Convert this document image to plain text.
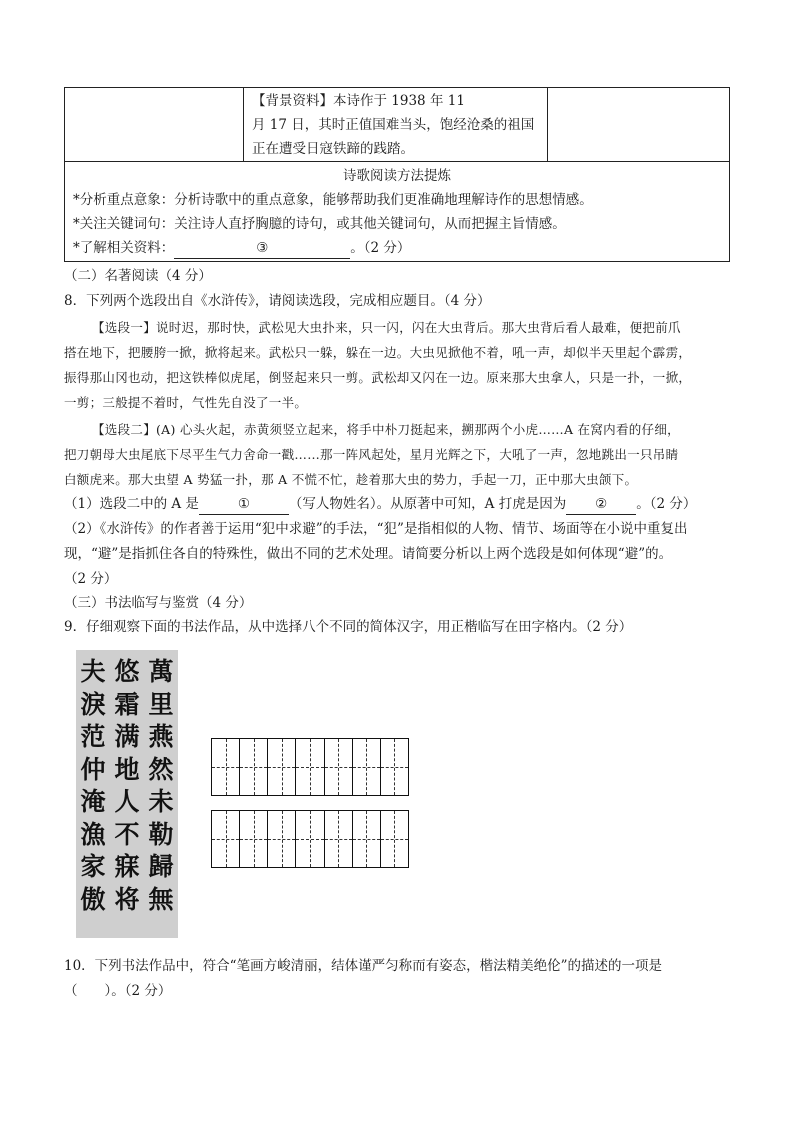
【背景资料】本诗作于 1938 年 11
月 17 日，其时正值国难当头，饱经沧桑的祖国
正在遭受日寇铁蹄的践踏。
诗歌阅读方法提炼
*分析重点意象：分析诗歌中的重点意象，能够帮助我们更准确地理解诗作的思想情感。
*关注关键词句：关注诗人直抒胸臆的诗句，或其他关键词句，从而把握主旨情感。
*了解相关资料：	③	。（2 分）
（二）名著阅读（4 分）
8．下列两个选段出自《水浒传》，请阅读选段，完成相应题目。（4 分）
【选段一】说时迟，那时快，武松见大虫扑来，只一闪，闪在大虫背后。那大虫背后看人最难，便把前爪
搭在地下，把腰胯一掀，掀将起来。武松只一躲，躲在一边。大虫见掀他不着，吼一声，却似半天里起个霹雳，
振得那山冈也动，把这铁棒似虎尾，倒竖起来只一剪。武松却又闪在一边。原来那大虫拿人，只是一扑，一掀，
一剪；三般提不着时，气性先自没了一半。
【选段二】(A) 心头火起，赤黄须竖立起来，将手中朴刀挺起来，搠那两个小虎……A 在窝内看的仔细，
把刀朝母大虫尾底下尽平生气力舍命一戳……那一阵风起处，星月光辉之下，大吼了一声，忽地跳出一只吊睛
白额虎来。那大虫望 A 势猛一扑，那 A 不慌不忙，趁着那大虫的势力，手起一刀，正中那大虫颌下。
（1）选段二中的 A 是	①	（写人物姓名）。从原著中可知，A 打虎是因为 ② 。（2 分）
（2）《水浒传》的作者善于运用“犯中求避”的手法，“犯”是指相似的人物、情节、场面等在小说中重复出
现，“避”是指抓住各自的特殊性，做出不同的艺术处理。请简要分析以上两个选段是如何体现“避”的。
（2 分）
（三）书法临写与鉴赏（4 分）
9．仔细观察下面的书法作品，从中选择八个不同的简体汉字，用正楷临写在田字格内。（2 分）
萬
里
燕
然
未
勒
歸
無
悠
霜
满
地
人
不
寐
将
夫
淚
范
仲
淹
漁
家
傲
10．下列书法作品中，符合“笔画方峻清丽，结体谨严匀称而有姿态，楷法精美绝伦”的描述的一项是
（　　）。（2 分）
